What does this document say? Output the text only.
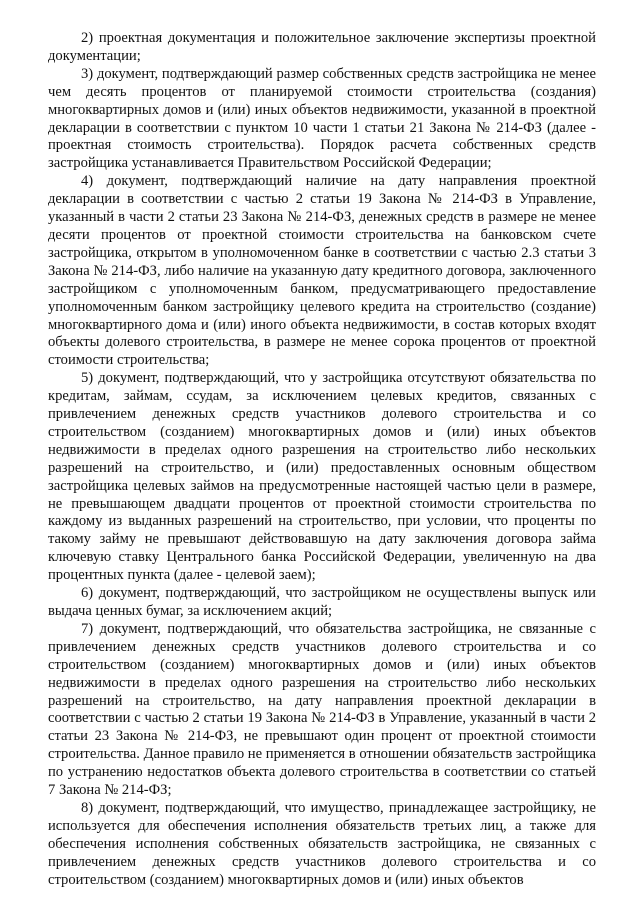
2) проектная документация и положительное заключение экспертизы проектной документации;

3) документ, подтверждающий размер собственных средств застройщика не менее чем десять процентов от планируемой стоимости строительства (создания) многоквартирных домов и (или) иных объектов недвижимости, указанной в проектной декларации в соответствии с пунктом 10 части 1 статьи 21 Закона № 214-ФЗ (далее - проектная стоимость строительства). Порядок расчета собственных средств застройщика устанавливается Правительством Российской Федерации;

4) документ, подтверждающий наличие на дату направления проектной декларации в соответствии с частью 2 статьи 19 Закона № 214-ФЗ в Управление, указанный в части 2 статьи 23 Закона № 214-ФЗ, денежных средств в размере не менее десяти процентов от проектной стоимости строительства на банковском счете застройщика, открытом в уполномоченном банке в соответствии с частью 2.3 статьи 3 Закона № 214-ФЗ, либо наличие на указанную дату кредитного договора, заключенного застройщиком с уполномоченным банком, предусматривающего предоставление уполномоченным банком застройщику целевого кредита на строительство (создание) многоквартирного дома и (или) иного объекта недвижимости, в состав которых входят объекты долевого строительства, в размере не менее сорока процентов от проектной стоимости строительства;

5) документ, подтверждающий, что у застройщика отсутствуют обязательства по кредитам, займам, ссудам, за исключением целевых кредитов, связанных с привлечением денежных средств участников долевого строительства и со строительством (созданием) многоквартирных домов и (или) иных объектов недвижимости в пределах одного разрешения на строительство либо нескольких разрешений на строительство, и (или) предоставленных основным обществом застройщика целевых займов на предусмотренные настоящей частью цели в размере, не превышающем двадцати процентов от проектной стоимости строительства по каждому из выданных разрешений на строительство, при условии, что проценты по такому займу не превышают действовавшую на дату заключения договора займа ключевую ставку Центрального банка Российской Федерации, увеличенную на два процентных пункта (далее - целевой заем);

6) документ, подтверждающий, что застройщиком не осуществлены выпуск или выдача ценных бумаг, за исключением акций;

7) документ, подтверждающий, что обязательства застройщика, не связанные с привлечением денежных средств участников долевого строительства и со строительством (созданием) многоквартирных домов и (или) иных объектов недвижимости в пределах одного разрешения на строительство либо нескольких разрешений на строительство, на дату направления проектной декларации в соответствии с частью 2 статьи 19 Закона № 214-ФЗ в Управление, указанный в части 2 статьи 23 Закона № 214-ФЗ, не превышают один процент от проектной стоимости строительства. Данное правило не применяется в отношении обязательств застройщика по устранению недостатков объекта долевого строительства в соответствии со статьей 7 Закона № 214-ФЗ;

8) документ, подтверждающий, что имущество, принадлежащее застройщику, не используется для обеспечения исполнения обязательств третьих лиц, а также для обеспечения исполнения собственных обязательств застройщика, не связанных с привлечением денежных средств участников долевого строительства и со строительством (созданием) многоквартирных домов и (или) иных объектов
